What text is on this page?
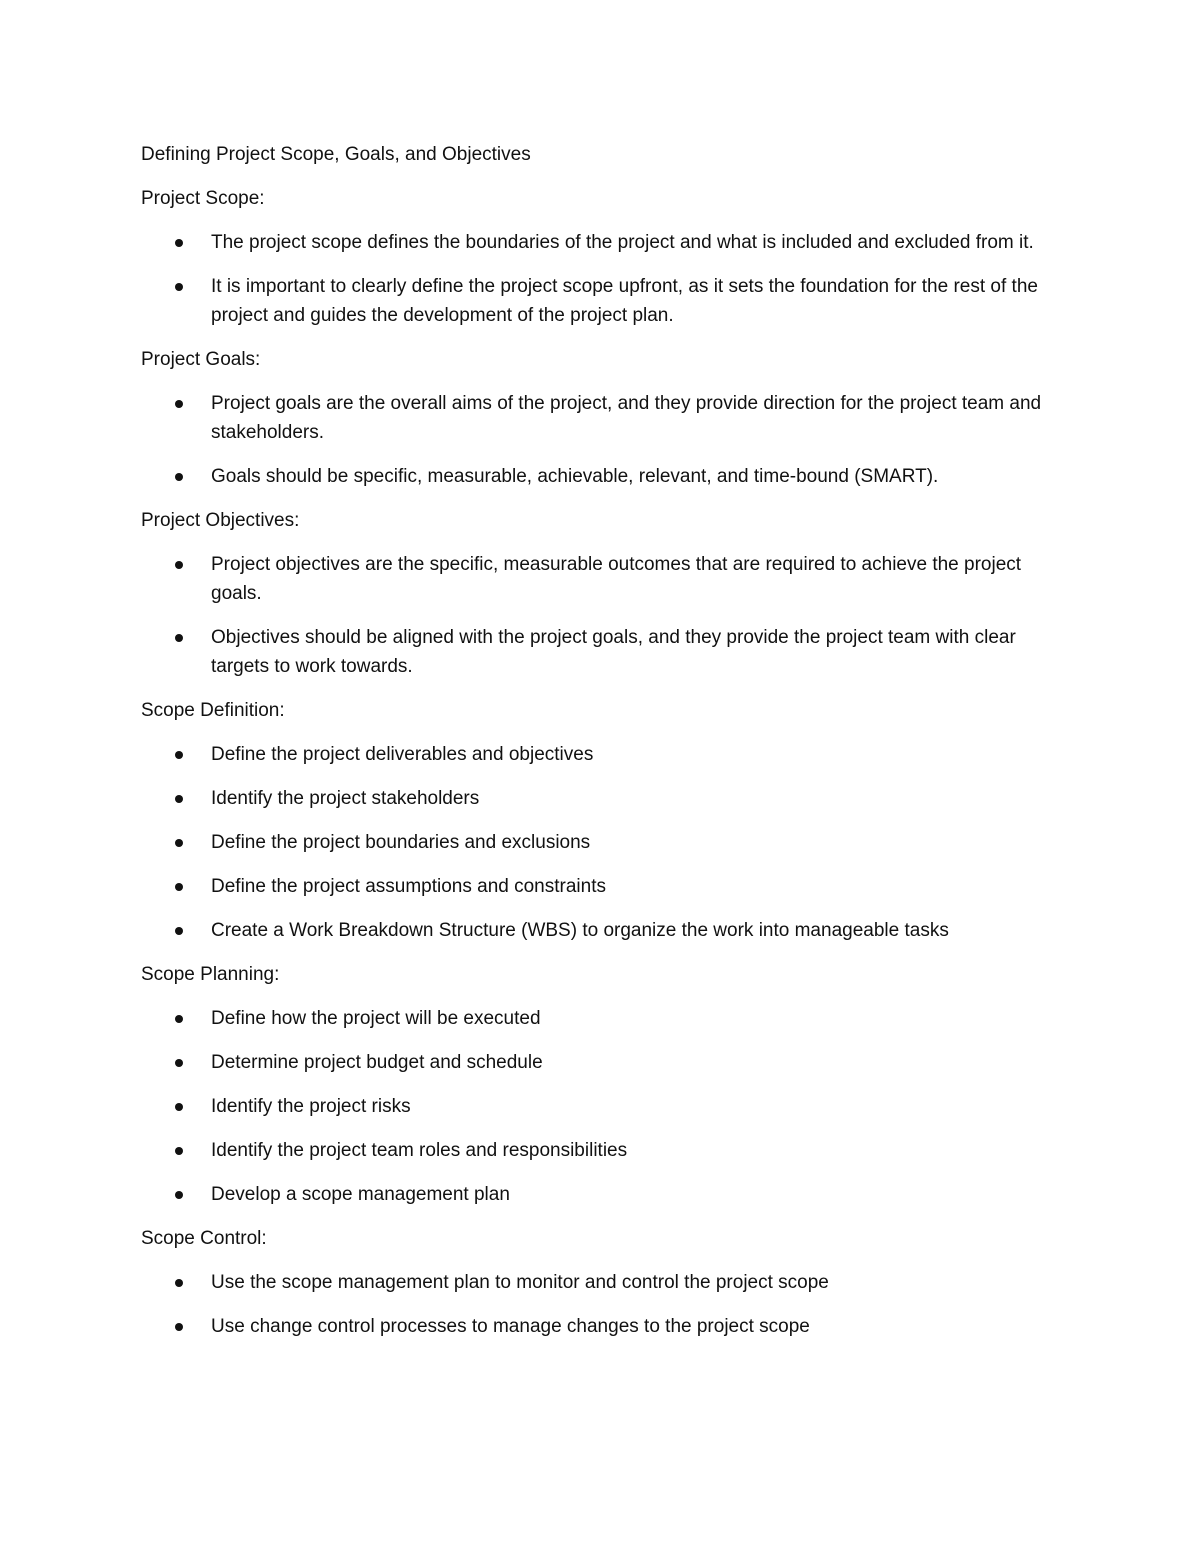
Defining Project Scope, Goals, and Objectives
Project Scope:
The project scope defines the boundaries of the project and what is included and excluded from it.
It is important to clearly define the project scope upfront, as it sets the foundation for the rest of the project and guides the development of the project plan.
Project Goals:
Project goals are the overall aims of the project, and they provide direction for the project team and stakeholders.
Goals should be specific, measurable, achievable, relevant, and time-bound (SMART).
Project Objectives:
Project objectives are the specific, measurable outcomes that are required to achieve the project goals.
Objectives should be aligned with the project goals, and they provide the project team with clear targets to work towards.
Scope Definition:
Define the project deliverables and objectives
Identify the project stakeholders
Define the project boundaries and exclusions
Define the project assumptions and constraints
Create a Work Breakdown Structure (WBS) to organize the work into manageable tasks
Scope Planning:
Define how the project will be executed
Determine project budget and schedule
Identify the project risks
Identify the project team roles and responsibilities
Develop a scope management plan
Scope Control:
Use the scope management plan to monitor and control the project scope
Use change control processes to manage changes to the project scope
